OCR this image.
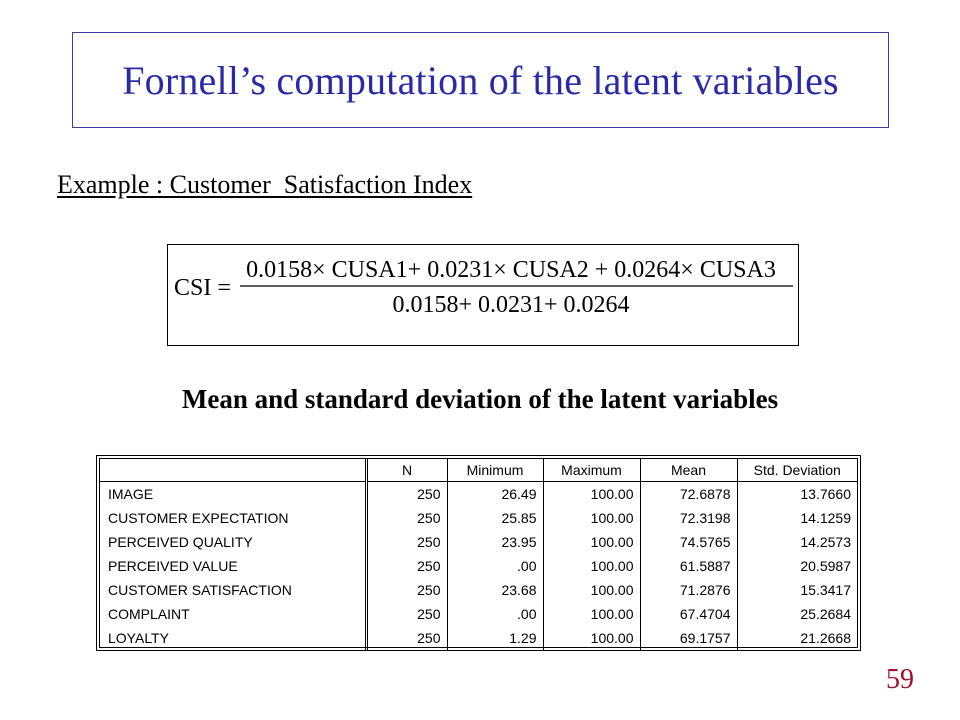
Fornell’s computation of the latent variables
Example : Customer  Satisfaction Index
CSI =
0.0158× CUSA1+ 0.0231× CUSA2 + 0.0264× CUSA3
0.0158+ 0.0231+ 0.0264
Mean and standard deviation of the latent variables
	N	Minimum	Maximum	Mean	Std. Deviation
IMAGE	250	26.49	100.00	72.6878	13.7660
CUSTOMER EXPECTATION	250	25.85	100.00	72.3198	14.1259
PERCEIVED QUALITY	250	23.95	100.00	74.5765	14.2573
PERCEIVED VALUE	250	.00	100.00	61.5887	20.5987
CUSTOMER SATISFACTION	250	23.68	100.00	71.2876	15.3417
COMPLAINT	250	.00	100.00	67.4704	25.2684
LOYALTY	250	1.29	100.00	69.1757	21.2668
59
